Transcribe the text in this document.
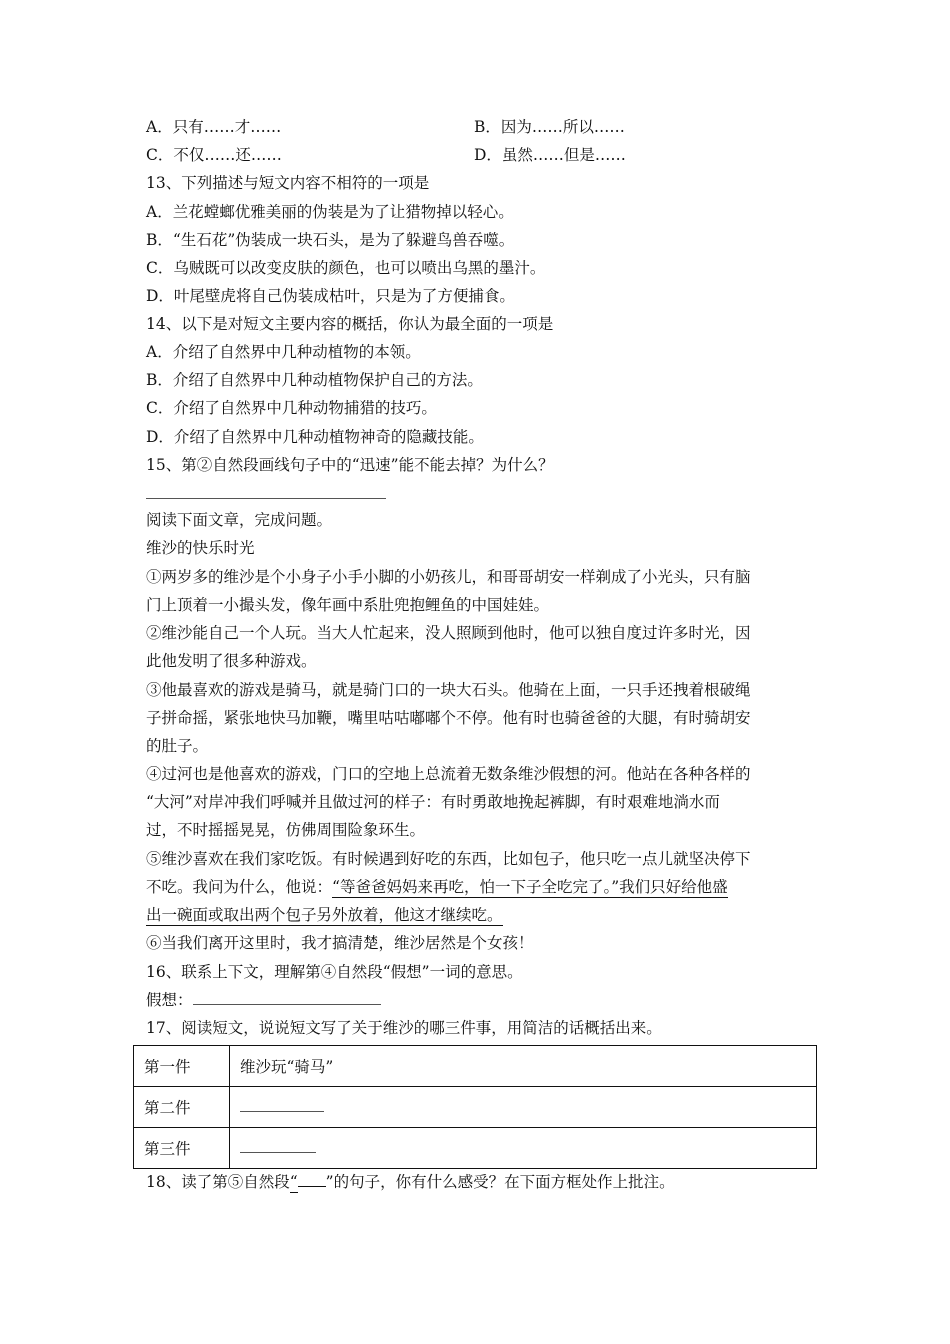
A．只有……才……	B．因为……所以……
C．不仅……还……	D．虽然……但是……
13、下列描述与短文内容不相符的一项是
A．兰花螳螂优雅美丽的伪装是为了让猎物掉以轻心。
B．“生石花”伪装成一块石头，是为了躲避鸟兽吞噬。
C．乌贼既可以改变皮肤的颜色，也可以喷出乌黑的墨汁。
D．叶尾壁虎将自己伪装成枯叶，只是为了方便捕食。
14、以下是对短文主要内容的概括，你认为最全面的一项是
A．介绍了自然界中几种动植物的本领。
B．介绍了自然界中几种动植物保护自己的方法。
C．介绍了自然界中几种动物捕猎的技巧。
D．介绍了自然界中几种动植物神奇的隐藏技能。
15、第②自然段画线句子中的“迅速”能不能去掉？为什么？
阅读下面文章，完成问题。
维沙的快乐时光
①两岁多的维沙是个小身子小手小脚的小奶孩儿，和哥哥胡安一样剃成了小光头，只有脑
门上顶着一小撮头发，像年画中系肚兜抱鲤鱼的中国娃娃。
②维沙能自己一个人玩。当大人忙起来，没人照顾到他时，他可以独自度过许多时光，因
此他发明了很多种游戏。
③他最喜欢的游戏是骑马，就是骑门口的一块大石头。他骑在上面，一只手还拽着根破绳
子拼命摇，紧张地快马加鞭，嘴里咕咕嘟嘟个不停。他有时也骑爸爸的大腿，有时骑胡安
的肚子。
④过河也是他喜欢的游戏，门口的空地上总流着无数条维沙假想的河。他站在各种各样的
“大河”对岸冲我们呼喊并且做过河的样子：有时勇敢地挽起裤脚，有时艰难地淌水而
过，不时摇摇晃晃，仿佛周围险象环生。
⑤维沙喜欢在我们家吃饭。有时候遇到好吃的东西，比如包子，他只吃一点儿就坚决停下
不吃。我问为什么，他说：“等爸爸妈妈来再吃，怕一下子全吃完了。”我们只好给他盛
出一碗面或取出两个包子另外放着，他这才继续吃。
⑥当我们离开这里时，我才搞清楚，维沙居然是个女孩！
16、联系上下文，理解第④自然段“假想”一词的意思。
假想：
17、阅读短文，说说短文写了关于维沙的哪三件事，用简洁的话概括出来。
第一件	维沙玩“骑马”
第二件	
第三件	
18、读了第⑤自然段“ ”的句子，你有什么感受？在下面方框处作上批注。
